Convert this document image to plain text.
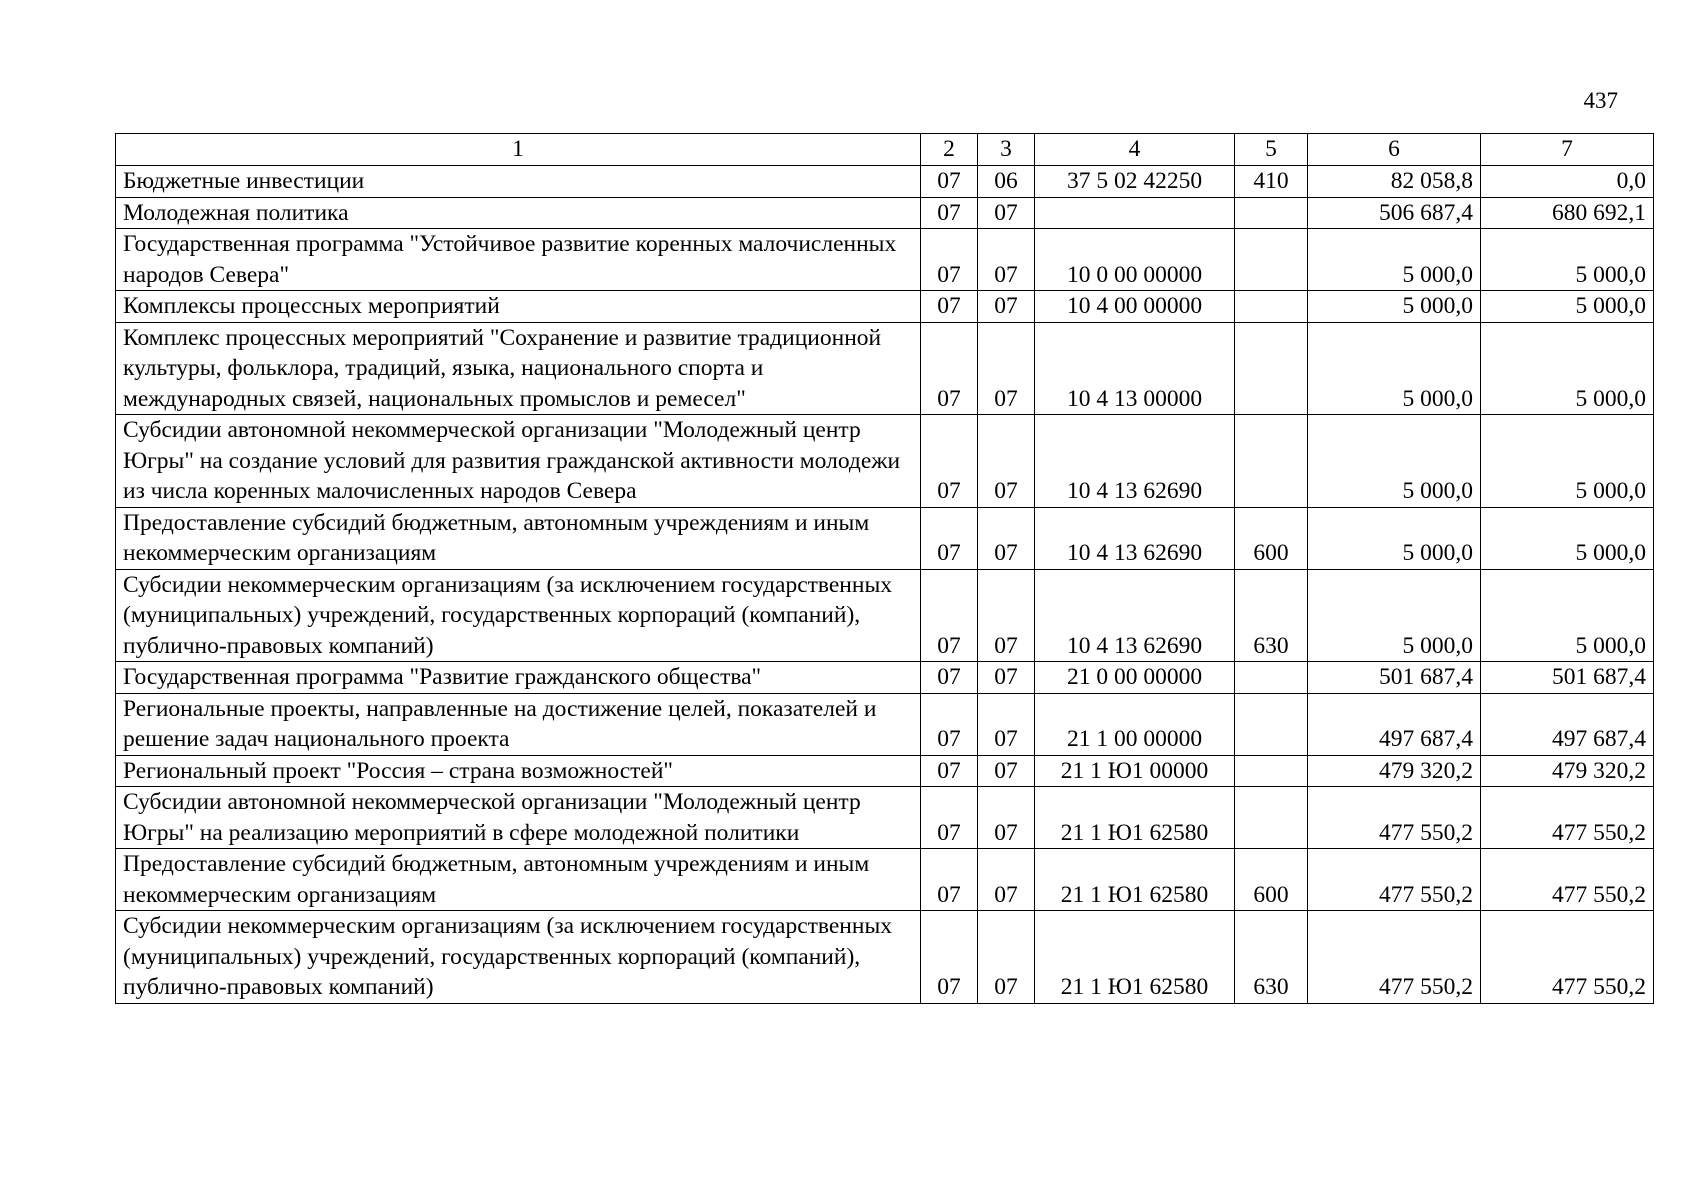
437
1	2	3	4	5	6	7
Бюджетные инвестиции	07	06	37 5 02 42250	410	82 058,8	0,0
Молодежная политика	07	07			506 687,4	680 692,1
Государственная программа "Устойчивое развитие коренных малочисленных народов Севера"	07	07	10 0 00 00000		5 000,0	5 000,0
Комплексы процессных мероприятий	07	07	10 4 00 00000		5 000,0	5 000,0
Комплекс процессных мероприятий "Сохранение и развитие традиционной культуры, фольклора, традиций, языка, национального спорта и международных связей, национальных промыслов и ремесел"	07	07	10 4 13 00000		5 000,0	5 000,0
Субсидии автономной некоммерческой организации "Молодежный центр Югры" на создание условий для развития гражданской активности молодежи из числа коренных малочисленных народов Севера	07	07	10 4 13 62690		5 000,0	5 000,0
Предоставление субсидий бюджетным, автономным учреждениям и иным некоммерческим организациям	07	07	10 4 13 62690	600	5 000,0	5 000,0
Субсидии некоммерческим организациям (за исключением государственных (муниципальных) учреждений, государственных корпораций (компаний), публично-правовых компаний)	07	07	10 4 13 62690	630	5 000,0	5 000,0
Государственная программа "Развитие гражданского общества"	07	07	21 0 00 00000		501 687,4	501 687,4
Региональные проекты, направленные на достижение целей, показателей и решение задач национального проекта	07	07	21 1 00 00000		497 687,4	497 687,4
Региональный проект "Россия – страна возможностей"	07	07	21 1 Ю1 00000		479 320,2	479 320,2
Субсидии автономной некоммерческой организации "Молодежный центр Югры" на реализацию мероприятий в сфере молодежной политики	07	07	21 1 Ю1 62580		477 550,2	477 550,2
Предоставление субсидий бюджетным, автономным учреждениям и иным некоммерческим организациям	07	07	21 1 Ю1 62580	600	477 550,2	477 550,2
Субсидии некоммерческим организациям (за исключением государственных (муниципальных) учреждений, государственных корпораций (компаний), публично-правовых компаний)	07	07	21 1 Ю1 62580	630	477 550,2	477 550,2
